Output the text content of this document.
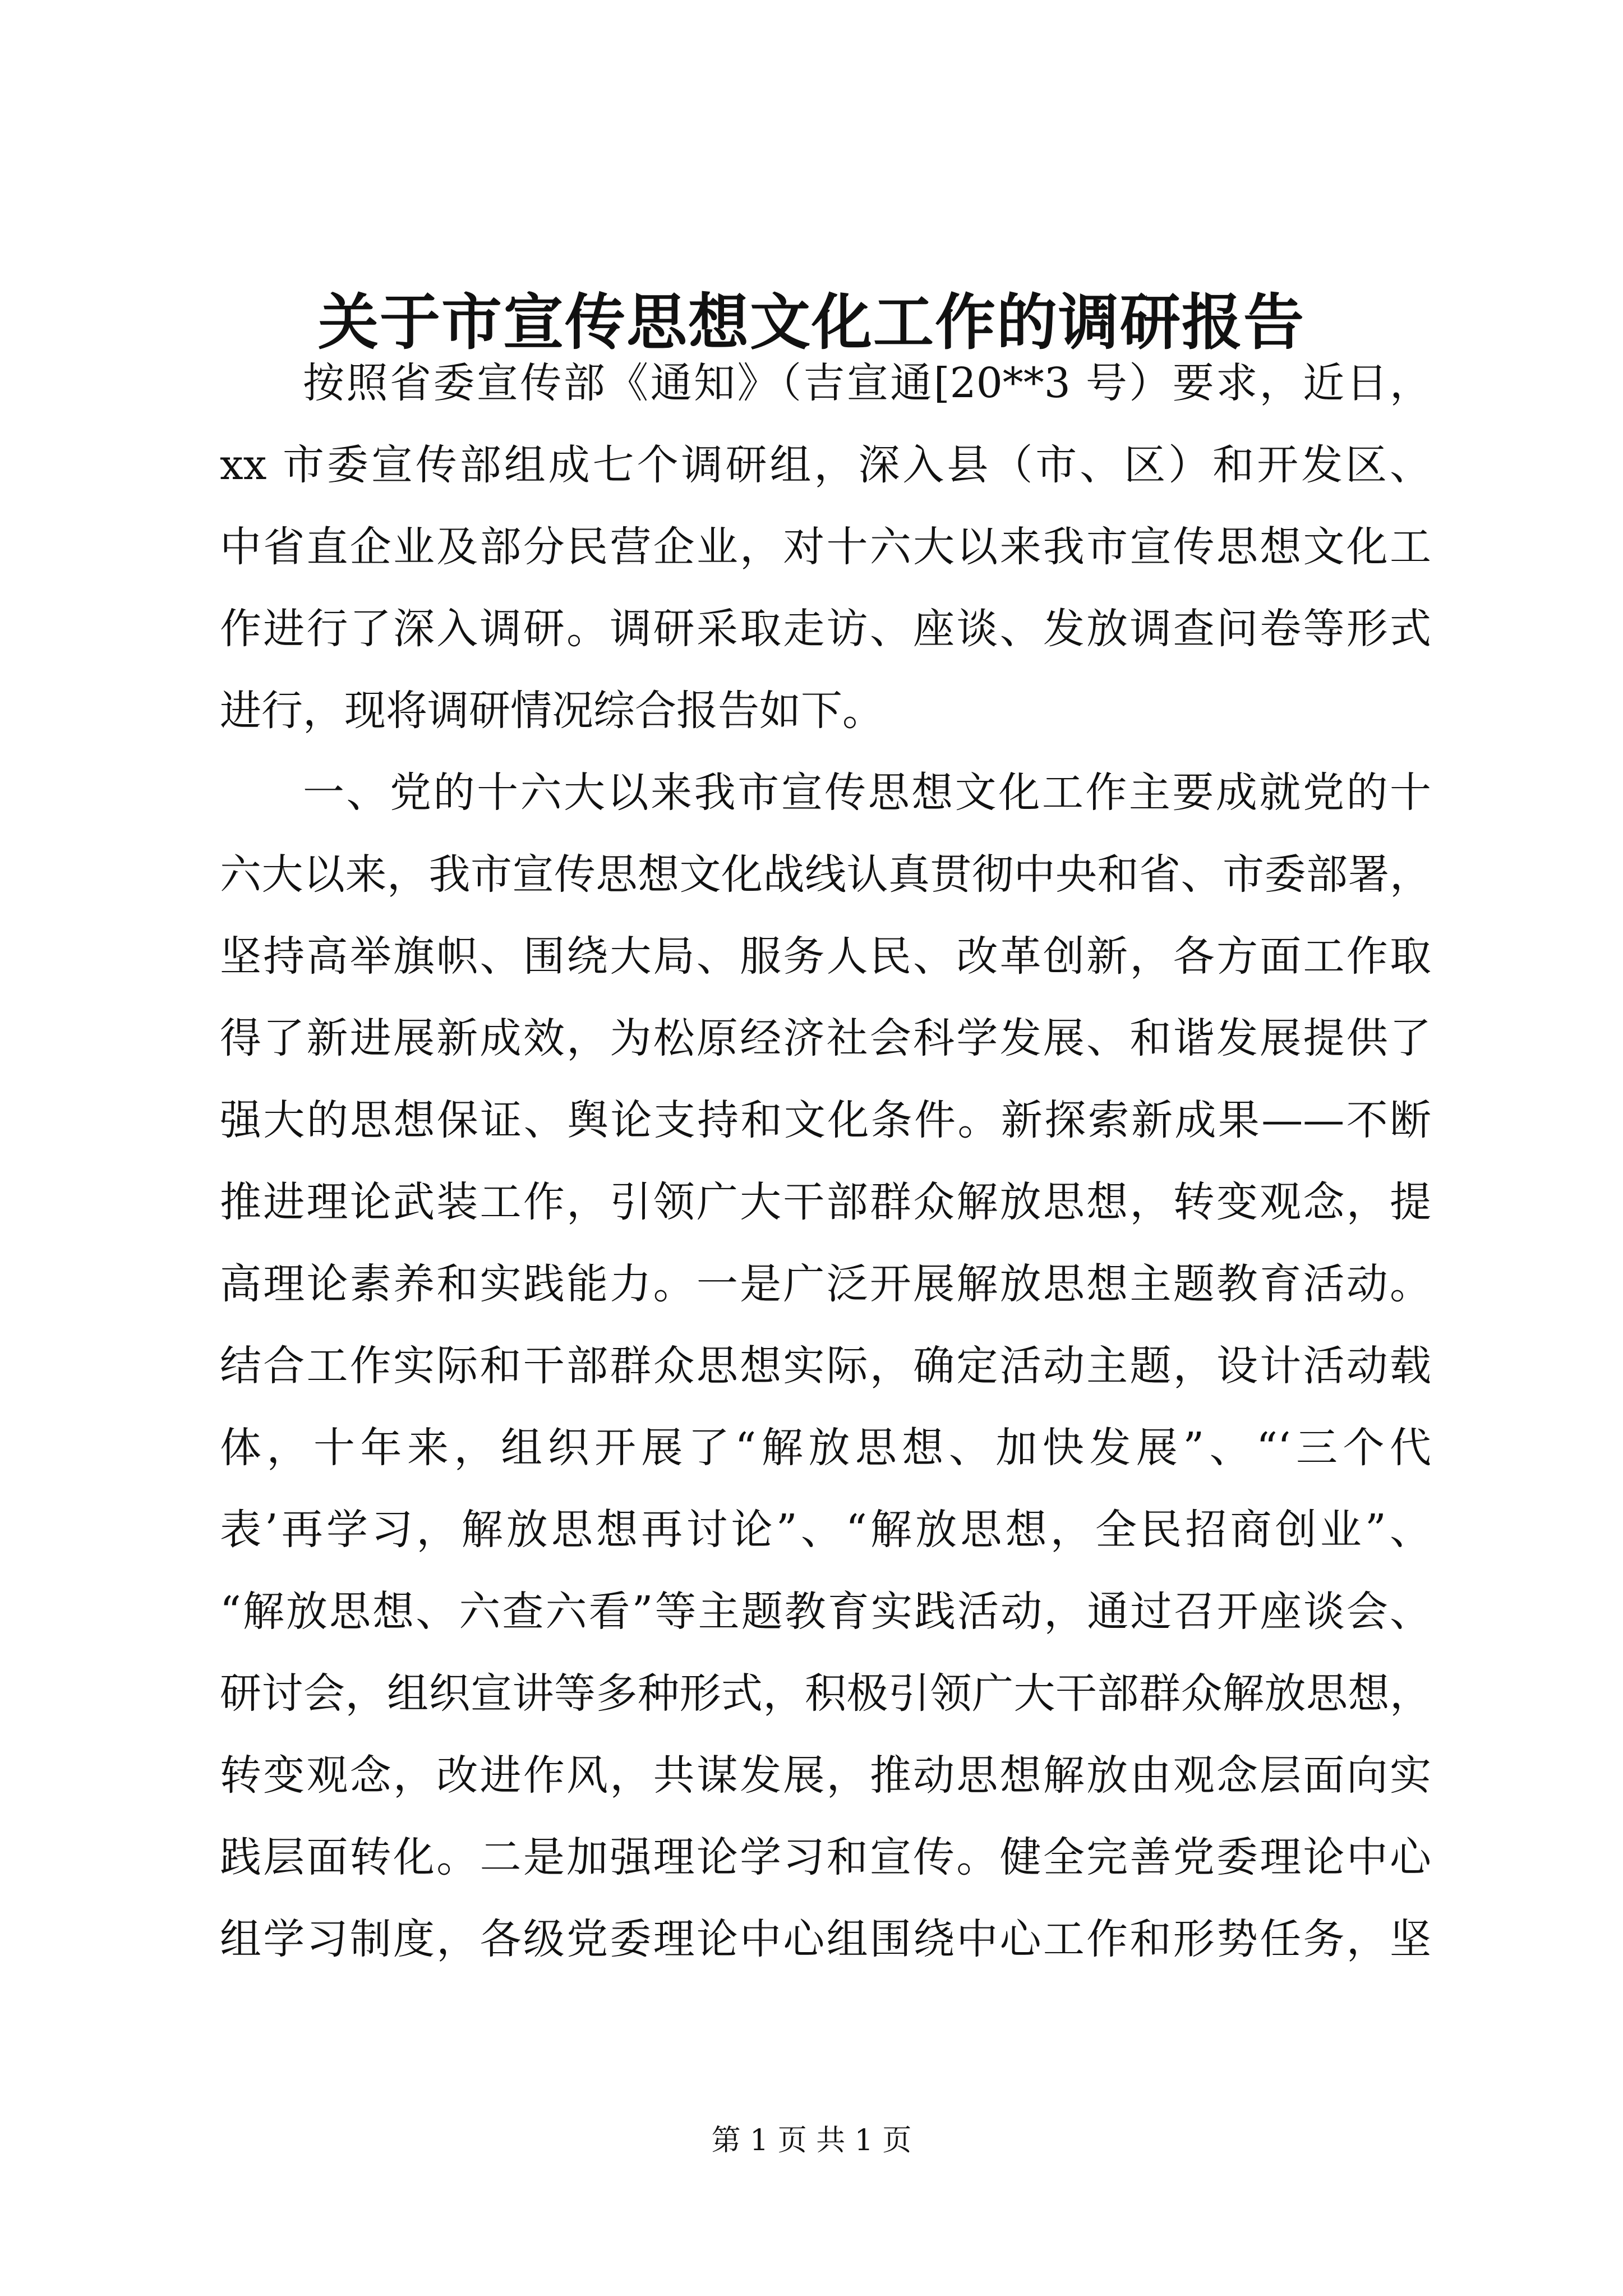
关于市宣传思想文化工作的调研报告
按照省委宣传部《通知》（吉宣通[20**3 号）要求，近日，
xx 市委宣传部组成七个调研组，深入县（市、区）和开发区、
中省直企业及部分民营企业，对十六大以来我市宣传思想文化工
作进行了深入调研。调研采取走访、座谈、发放调查问卷等形式
进行，现将调研情况综合报告如下。
一、党的十六大以来我市宣传思想文化工作主要成就党的十
六大以来，我市宣传思想文化战线认真贯彻中央和省、市委部署，
坚持高举旗帜、围绕大局、服务人民、改革创新，各方面工作取
得了新进展新成效，为松原经济社会科学发展、和谐发展提供了
强大的思想保证、舆论支持和文化条件。新探索新成果——不断
推进理论武装工作，引领广大干部群众解放思想，转变观念，提
高理论素养和实践能力。一是广泛开展解放思想主题教育活动。
结合工作实际和干部群众思想实际，确定活动主题，设计活动载
体，十年来，组织开展了“解放思想、加快发展”、“‘三个代
表’再学习，解放思想再讨论”、“解放思想，全民招商创业”、
“解放思想、六查六看”等主题教育实践活动，通过召开座谈会、
研讨会，组织宣讲等多种形式，积极引领广大干部群众解放思想，
转变观念，改进作风，共谋发展，推动思想解放由观念层面向实
践层面转化。二是加强理论学习和宣传。健全完善党委理论中心
组学习制度，各级党委理论中心组围绕中心工作和形势任务，坚
第 1 页 共 1 页
